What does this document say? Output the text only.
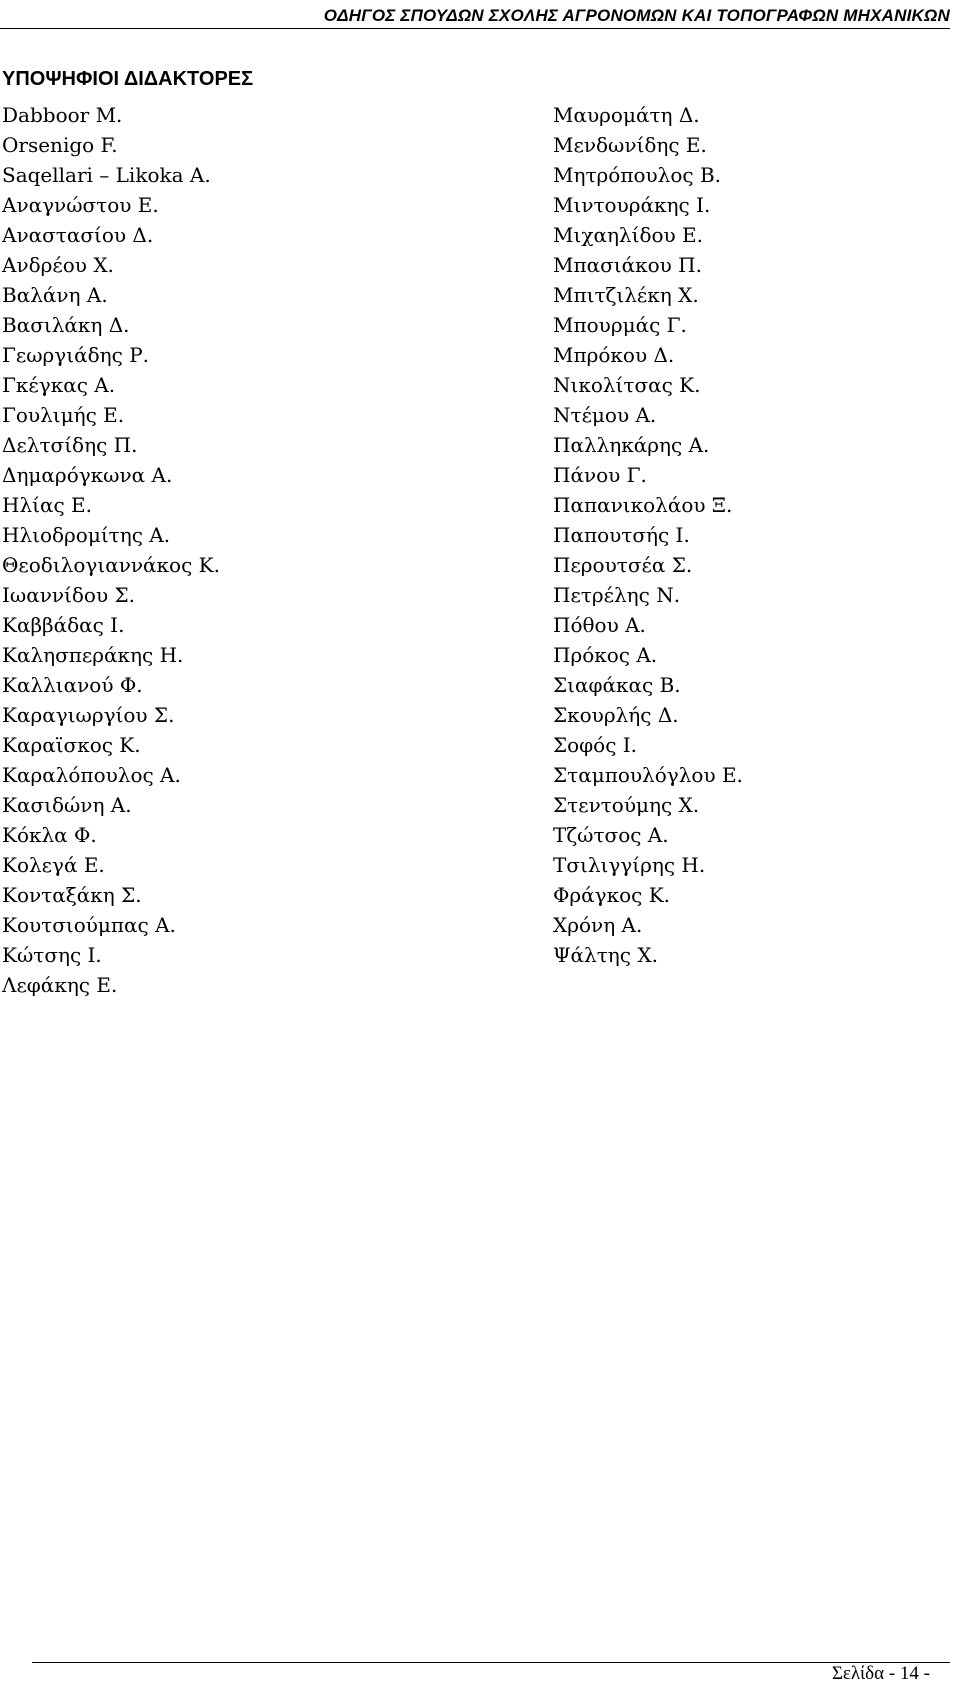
ΟΔΗΓΟΣ ΣΠΟΥΔΩΝ ΣΧΟΛΗΣ ΑΓΡΟΝΟΜΩΝ ΚΑΙ ΤΟΠΟΓΡΑΦΩΝ ΜΗΧΑΝΙΚΩΝ
ΥΠΟΨΗΦΙΟΙ ΔΙΔΑΚΤΟΡΕΣ
Dabboor M.
Orsenigo F.
Saqellari – Likoka A.
Αναγνώστου Ε.
Αναστασίου Δ.
Ανδρέου Χ.
Βαλάνη Α.
Βασιλάκη Δ.
Γεωργιάδης Ρ.
Γκέγκας Α.
Γουλιμής Ε.
Δελτσίδης Π.
Δημαρόγκωνα Α.
Ηλίας Ε.
Ηλιοδρομίτης Α.
Θεοδιλογιαννάκος Κ.
Ιωαννίδου Σ.
Καββάδας Ι.
Καλησπεράκης Η.
Καλλιανού Φ.
Καραγιωργίου Σ.
Καραϊσκος Κ.
Καραλόπουλος Α.
Κασιδώνη Α.
Κόκλα Φ.
Κολεγά Ε.
Κονταξάκη Σ.
Κουτσιούμπας Α.
Κώτσης Ι.
Λεφάκης Ε.
Μαυρομάτη Δ.
Μενδωνίδης Ε.
Μητρόπουλος Β.
Μιντουράκης Ι.
Μιχαηλίδου Ε.
Μπασιάκου Π.
Μπιτζιλέκη Χ.
Μπουρμάς Γ.
Μπρόκου Δ.
Νικολίτσας Κ.
Ντέμου Α.
Παλληκάρης Α.
Πάνου Γ.
Παπανικολάου Ξ.
Παπουτσής Ι.
Περουτσέα Σ.
Πετρέλης Ν.
Πόθου Α.
Πρόκος Α.
Σιαφάκας Β.
Σκουρλής Δ.
Σοφός Ι.
Σταμπουλόγλου Ε.
Στεντούμης Χ.
Τζώτσος Α.
Τσιλιγγίρης Η.
Φράγκος Κ.
Χρόνη Α.
Ψάλτης Χ.
Σελίδα - 14 -
